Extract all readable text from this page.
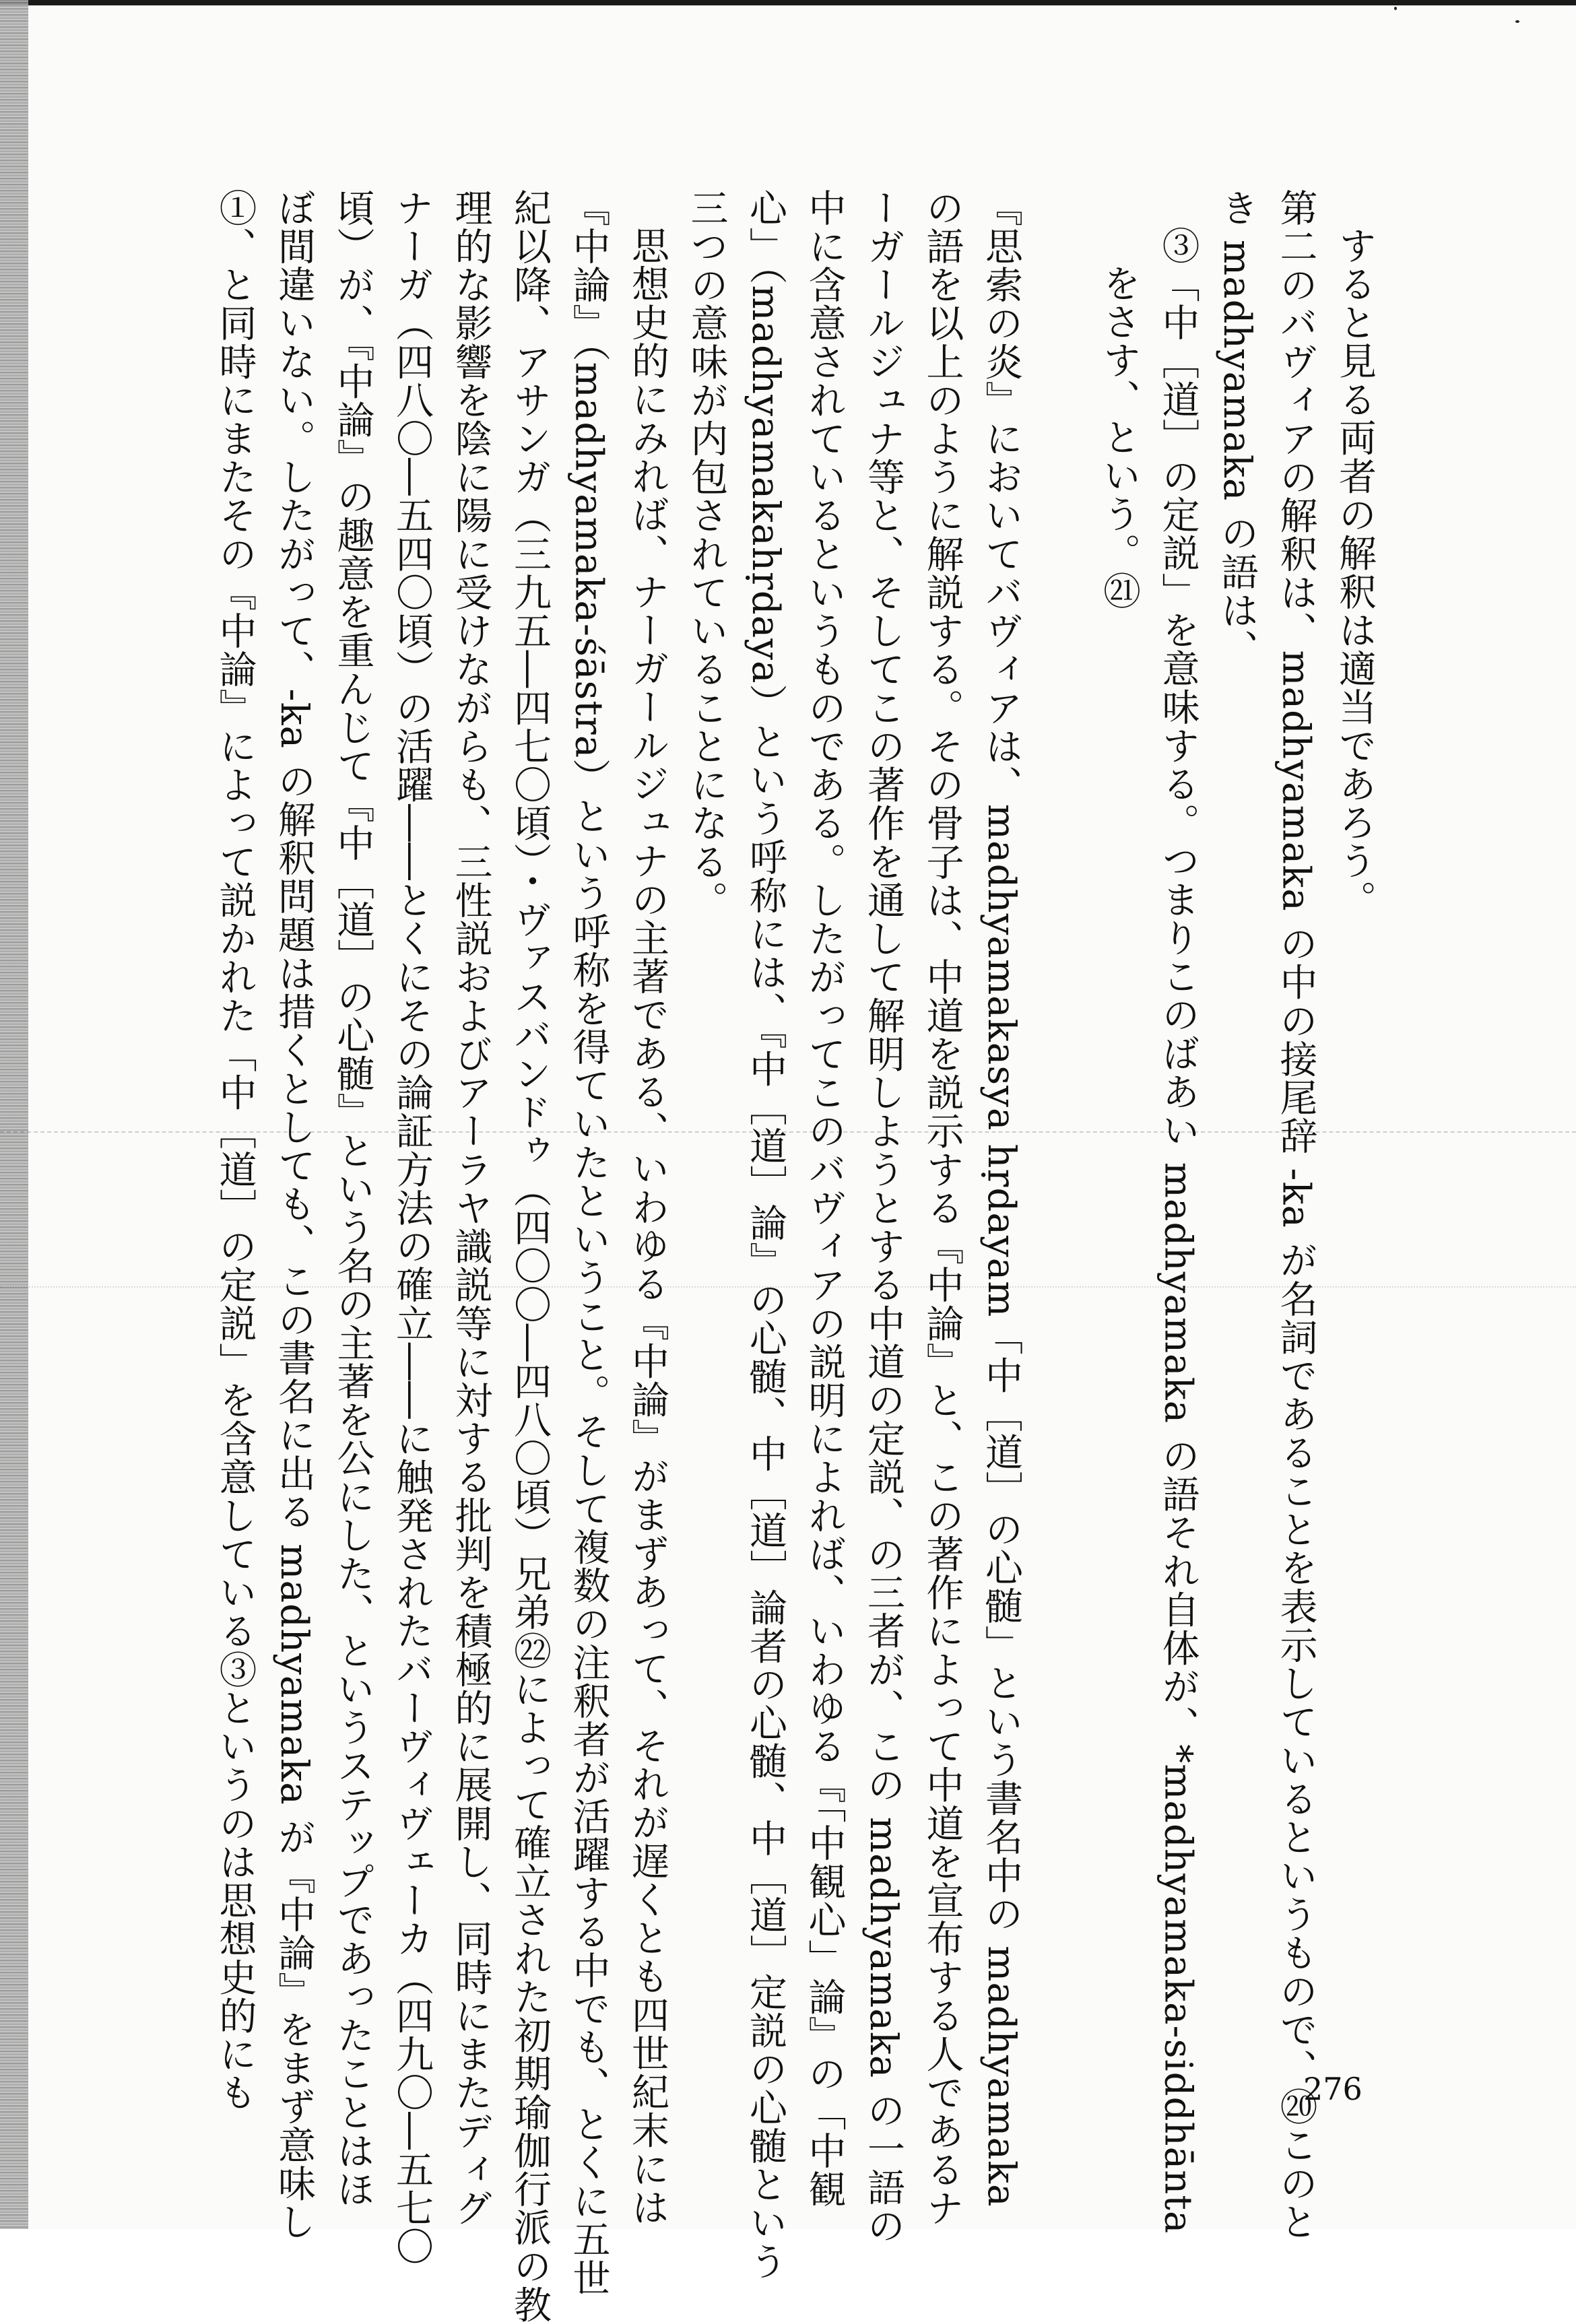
すると見る両者の解釈は適当であろう。

第二のバヴィアの解釈は、madhyamaka の中の接尾辞 -ka が名詞であることを表示しているというもので、⑳このと

き madhyamaka の語は、

③「中［道］の定説」を意味する。つまりこのばあい madhyamaka の語それ自体が、*madhyamaka-siddhānta

をさす、という。㉑

『思索の炎』においてバヴィアは、madhyamakasya hṛdayam「中［道］の心髄」という書名中の madhyamaka

の語を以上のように解説する。その骨子は、中道を説示する『中論』と、この著作によって中道を宣布する人であるナ

ーガールジュナ等と、そしてこの著作を通して解明しようとする中道の定説、の三者が、この madhyamaka の一語の

中に含意されているというものである。したがってこのバヴィアの説明によれば、いわゆる『「中観心」論』の「中観

心」（madhyamakahṛdaya）という呼称には、『中［道］論』の心髄、中［道］論者の心髄、中［道］定説の心髄という

三つの意味が内包されていることになる。

思想史的にみれば、ナーガールジュナの主著である、いわゆる『中論』がまずあって、それが遅くとも四世紀末には

『中論』（madhyamaka-śāstra）という呼称を得ていたということ。そして複数の注釈者が活躍する中でも、とくに五世

紀以降、アサンガ（三九五―四七〇頃）・ヴァスバンドゥ（四〇〇―四八〇頃）兄弟㉒によって確立された初期瑜伽行派の教

理的な影響を陰に陽に受けながらも、三性説およびアーラヤ識説等に対する批判を積極的に展開し、同時にまたディグ

ナーガ（四八〇―五四〇頃）の活躍――とくにその論証方法の確立――に触発されたバーヴィヴェーカ（四九〇―五七〇

頃）が、『中論』の趣意を重んじて『中［道］の心髄』という名の主著を公にした、というステップであったことはほ

ぼ間違いない。したがって、-ka の解釈問題は措くとしても、この書名に出る madhyamaka が『中論』をまず意味し

①、と同時にまたその『中論』によって説かれた「中［道］の定説」を含意している③というのは思想史的にも	276
